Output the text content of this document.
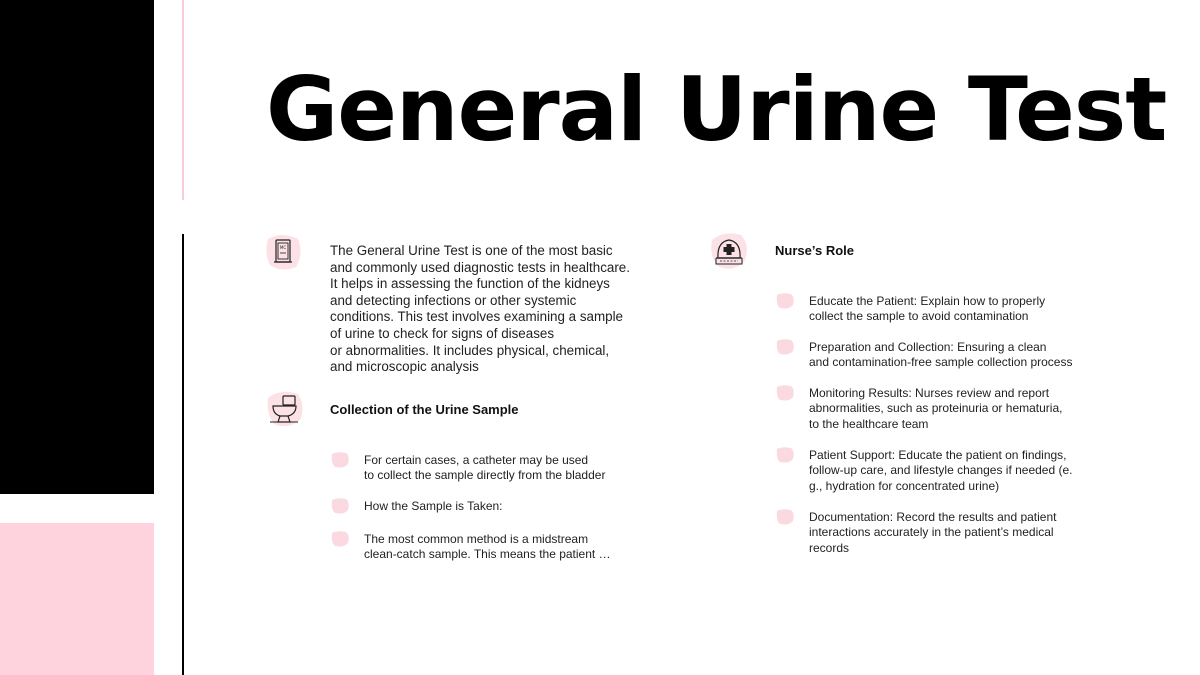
General Urine Test
MC	The General Urine Test is one of the most basic
and commonly used diagnostic tests in healthcare.
It helps in assessing the function of the kidneys
and detecting infections or other systemic
conditions. This test involves examining a sample
of urine to check for signs of diseases
or abnormalities. It includes physical, chemical,
and microscopic analysis
Collection of the Urine Sample
For certain cases, a catheter may be used
to collect the sample directly from the bladder
How the Sample is Taken:
The most common method is a midstream
clean-catch sample. This means the patient …
Nurse’s Role
Educate the Patient: Explain how to properly
collect the sample to avoid contamination
Preparation and Collection: Ensuring a clean
and contamination-free sample collection process
Monitoring Results: Nurses review and report
abnormalities, such as proteinuria or hematuria,
to the healthcare team
Patient Support: Educate the patient on findings,
follow-up care, and lifestyle changes if needed (e.
g., hydration for concentrated urine)
Documentation: Record the results and patient
interactions accurately in the patient’s medical
records
